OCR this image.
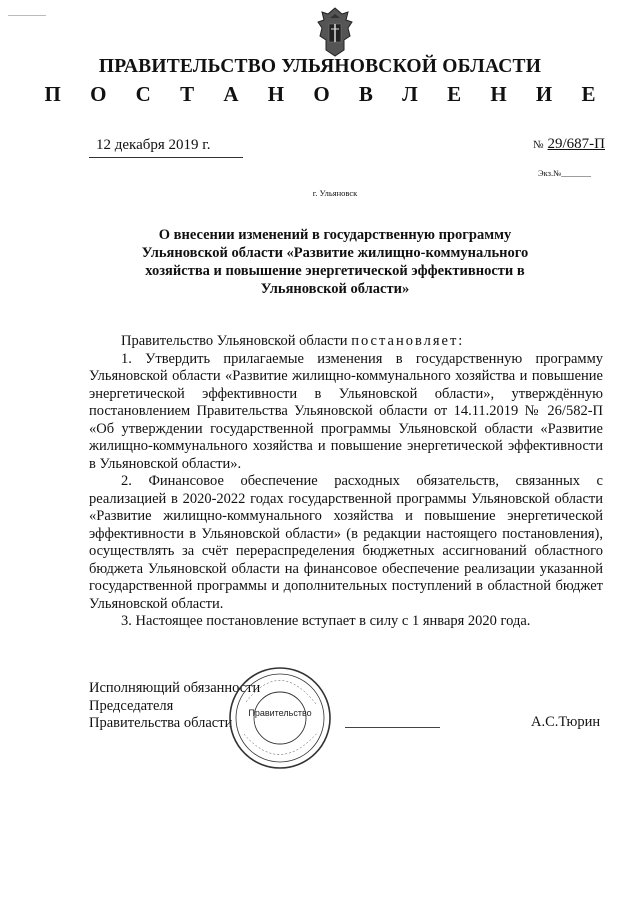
ПРАВИТЕЛЬСТВО УЛЬЯНОВСКОЙ ОБЛАСТИ
П О С Т А Н О В Л Е Н И Е
12 декабря 2019 г.	№ 29/687-П
Экз.№_______
г. Ульяновск
О внесении изменений в государственную программу Ульяновской области «Развитие жилищно-коммунального хозяйства и повышение энергетической эффективности в Ульяновской области»

Правительство Ульяновской области постановляет:

1. Утвердить прилагаемые изменения в государственную программу Ульяновской области «Развитие жилищно-коммунального хозяйства и повышение энергетической эффективности в Ульяновской области», утверждённую постановлением Правительства Ульяновской области от 14.11.2019 № 26/582-П «Об утверждении государственной программы Ульяновской области «Развитие жилищно-коммунального хозяйства и повышение энергетической эффективности в Ульяновской области».

2. Финансовое обеспечение расходных обязательств, связанных с реализацией в 2020-2022 годах государственной программы Ульяновской области «Развитие жилищно-коммунального хозяйства и повышение энергетической эффективности в Ульяновской области» (в редакции настоящего постановления), осуществлять за счёт перераспределения бюджетных ассигнований областного бюджета Ульяновской области на финансовое обеспечение реализации указанной государственной программы и дополнительных поступлений в областной бюджет Ульяновской области.

3. Настоящее постановление вступает в силу с 1 января 2020 года.

Исполняющий обязанности
Председателя
Правительства области	А.С.Тюрин
Правительство
